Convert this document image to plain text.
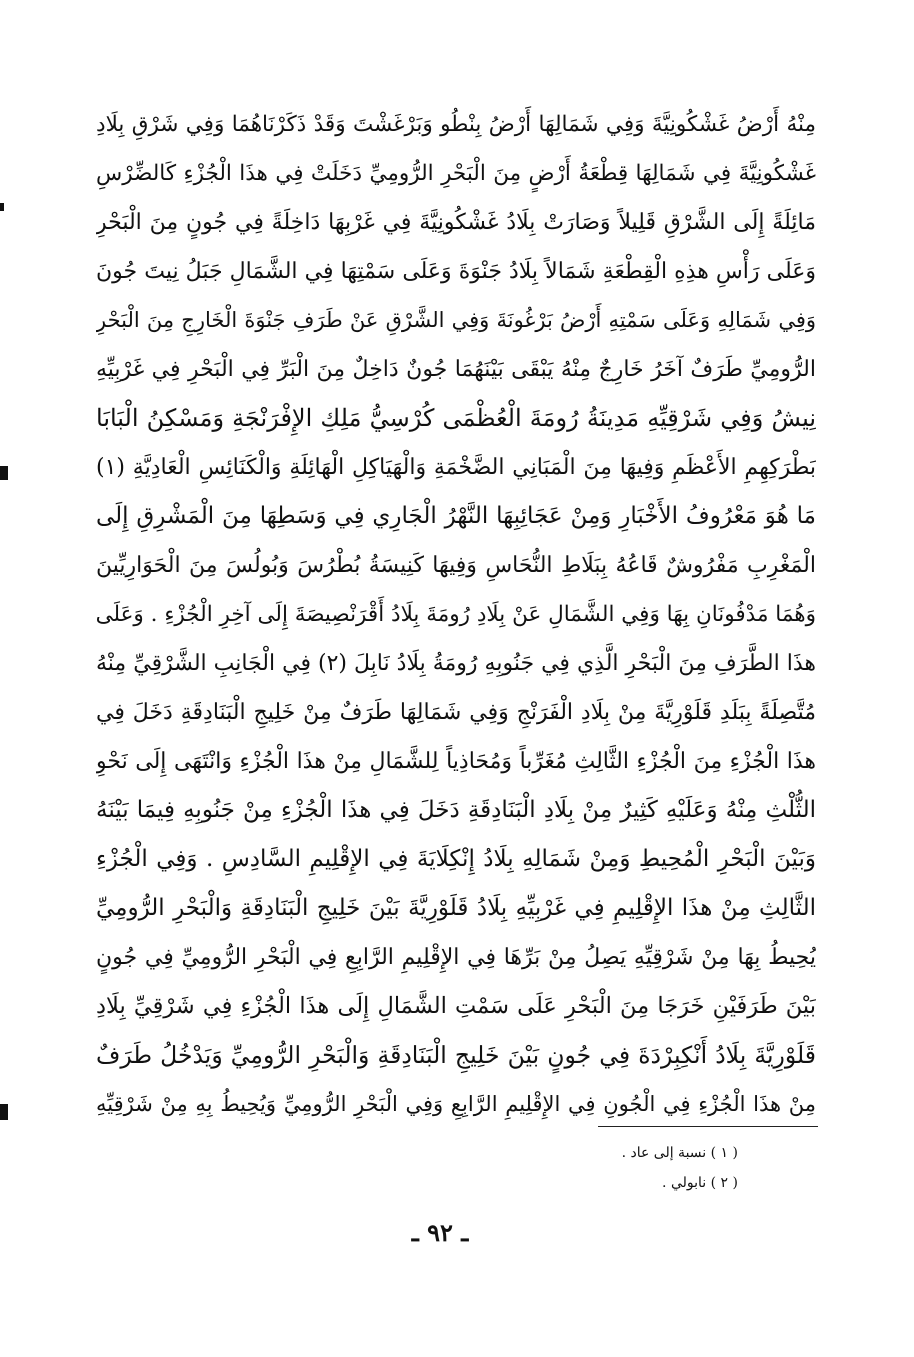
مِنْهُ أَرْضُ غَشْكُونِيَّةَ وَفِي شَمَالِهَا أَرْضُ بِنْطُو وَبَرْغَشْتَ وَقَدْ ذَكَرْنَاهُمَا وَفِي شَرْقِ بِلَادِ
غَشْكُونِيَّةَ فِي شَمَالِهَا قِطْعَةُ أَرْضٍ مِنَ الْبَحْرِ الرُّومِيِّ دَخَلَتْ فِي هذَا الْجُزْءِ كَالضِّرْسِ
مَائِلَةً إِلَى الشَّرْقِ قَلِيلاً وَصَارَتْ بِلَادُ غَشْكُونِيَّةَ فِي غَرْبِهَا دَاخِلَةً فِي جُونٍ مِنَ الْبَحْرِ
وَعَلَى رَأْسِ هذِهِ الْقِطْعَةِ شَمَالاً بِلَادُ جَنْوَةَ وَعَلَى سَمْتِهَا فِي الشَّمَالِ جَبَلُ نِيتَ جُونَ
وَفِي شَمَالِهِ وَعَلَى سَمْتِهِ أَرْضُ بَرْغُونَةَ وَفِي الشَّرْقِ عَنْ طَرَفِ جَنْوَةَ الْخَارِجِ مِنَ الْبَحْرِ
الرُّومِيِّ طَرَفٌ آخَرُ خَارِجٌ مِنْهُ يَبْقَى بَيْنَهُمَا جُونٌ دَاخِلٌ مِنَ الْبَرِّ فِي الْبَحْرِ فِي غَرْبِيِّهِ
نِيشُ وَفِي شَرْقِيِّهِ مَدِينَةُ رُومَةَ الْعُظْمَى كُرْسِيُّ مَلِكِ الإِفْرَنْجَةِ وَمَسْكِنُ الْبَابَا
بَطْرَكِهِمِ الأَعْظَمِ وَفِيهَا مِنَ الْمَبَانِي الضَّخْمَةِ وَالْهَيَاكِلِ الْهَائِلَةِ وَالْكَنَائِسِ الْعَادِيَّةِ (١)
مَا هُوَ مَعْرُوفُ الأَخْبَارِ وَمِنْ عَجَائِبِهَا النَّهْرُ الْجَارِي فِي وَسَطِهَا مِنَ الْمَشْرِقِ إِلَى
الْمَغْرِبِ مَفْرُوشٌ قَاعُهُ بِبَلَاطِ النُّحَاسِ وَفِيهَا كَنِيسَةُ بُطْرُسَ وَبُولُسَ مِنَ الْحَوَارِيِّينَ
وَهُمَا مَدْفُونَانِ بِهَا وَفِي الشَّمَالِ عَنْ بِلَادِ رُومَةَ بِلَادُ أَقْرَنْصِيصَةَ إِلَى آخِرِ الْجُزْءِ . وَعَلَى
هذَا الطَّرَفِ مِنَ الْبَحْرِ الَّذِي فِي جَنُوبِهِ رُومَةُ بِلَادُ نَابِلَ (٢) فِي الْجَانِبِ الشَّرْقِيِّ مِنْهُ
مُتَّصِلَةً بِبَلَدِ قَلَوْرِيَّةَ مِنْ بِلَادِ الْفَرَنْجِ وَفِي شَمَالِهَا طَرَفٌ مِنْ خَلِيجِ الْبَنَادِقَةِ دَخَلَ فِي
هذَا الْجُزْءِ مِنَ الْجُزْءِ الثَّالِثِ مُغَرِّباً وَمُحَاذِياً لِلشَّمَالِ مِنْ هذَا الْجُزْءِ وَانْتَهَى إِلَى نَحْوِ
الثُّلْثِ مِنْهُ وَعَلَيْهِ كَثِيرٌ مِنْ بِلَادِ الْبَنَادِقَةِ دَخَلَ فِي هذَا الْجُزْءِ مِنْ جَنُوبِهِ فِيمَا بَيْنَهُ
وَبَيْنَ الْبَحْرِ الْمُحِيطِ وَمِنْ شَمَالِهِ بِلَادُ إِنْكِلَايَةَ فِي الإِقْلِيمِ السَّادِسِ . وَفِي الْجُزْءِ
الثَّالِثِ مِنْ هذَا الإِقْلِيمِ فِي غَرْبِيِّهِ بِلَادُ قَلَوْرِيَّةَ بَيْنَ خَلِيجِ الْبَنَادِقَةِ وَالْبَحْرِ الرُّومِيِّ
يُحِيطُ بِهَا مِنْ شَرْقِيِّهِ يَصِلُ مِنْ بَرِّهَا فِي الإِقْلِيمِ الرَّابِعِ فِي الْبَحْرِ الرُّومِيِّ فِي جُونٍ
بَيْنَ طَرَفَيْنِ خَرَجَا مِنَ الْبَحْرِ عَلَى سَمْتِ الشَّمَالِ إِلَى هذَا الْجُزْءِ فِي شَرْقِيِّ بِلَادِ
قَلَوْرِيَّةَ بِلَادُ أَنْكِبِرْدَةَ فِي جُونٍ بَيْنَ خَلِيجِ الْبَنَادِقَةِ وَالْبَحْرِ الرُّومِيِّ وَيَدْخُلُ طَرَفٌ
مِنْ هذَا الْجُزْءِ فِي الْجُونِ فِي الإِقْلِيمِ الرَّابِعِ وَفِي الْبَحْرِ الرُّومِيِّ وَيُحِيطُ بِهِ مِنْ شَرْقِيِّهِ
( ١ ) نسبة إلى عاد .
( ٢ ) نابولي .
ـ ٩٢ ـ
